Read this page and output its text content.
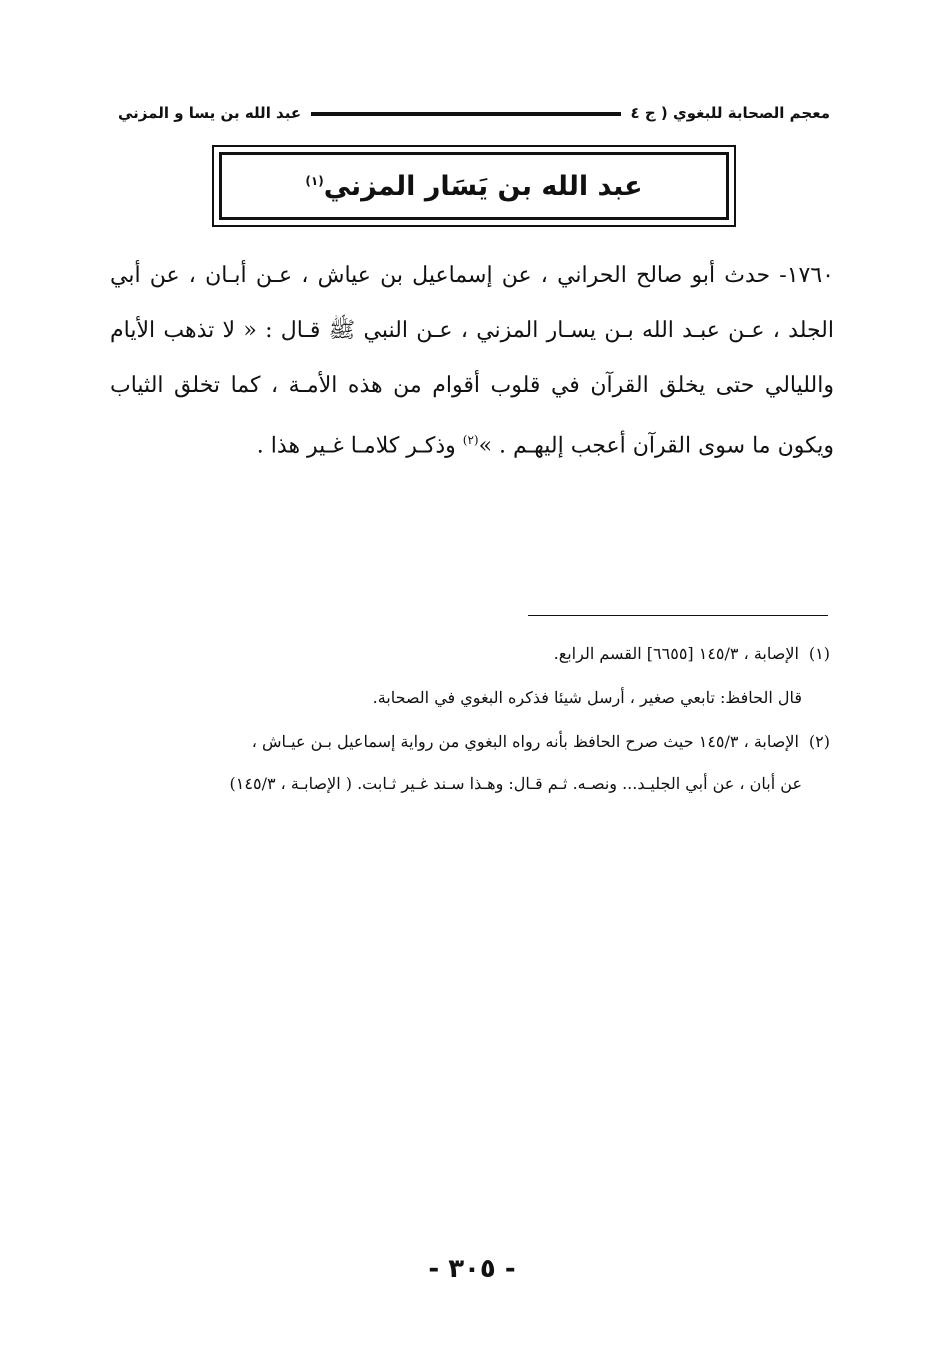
معجم الصحابة للبغوي ( ج ٤
عبد الله بن يسا و المزني
عبد الله بن يَسَار المزني$^{(١)}$

١٧٦٠- حدث أبو صالح الحراني ، عن إسماعيل بن عياش ، عـن أبـان ، عن أبي الجلد ، عـن عبـد الله بـن يسـار المزني ، عـن النبي ﷺ قـال : « لا تذهب الأيام والليالي حتى يخلق القرآن في قلوب أقوام من هذه الأمـة ، كما تخلق الثياب ويكون ما سوى القرآن أعجب إليهـم . »$^{(٢)}$ وذكـر كلامـا غـير هذا .

(١)الإصابة ، ١٤٥/٣ [٦٦٥٥] القسم الرابع.

قال الحافظ: تابعي صغير ، أرسل شيئا فذكره البغوي في الصحابة.

(٢)الإصابة ، ١٤٥/٣ حيث صرح الحافظ بأنه رواه البغوي من رواية إسماعيل بـن عيـاش ،

عن أبان ، عن أبي الجليـد... ونصـه. ثـم قـال: وهـذا سـند غـير ثـابت. ( الإصابـة ، ١٤٥/٣)

- ٣٠٥ -
